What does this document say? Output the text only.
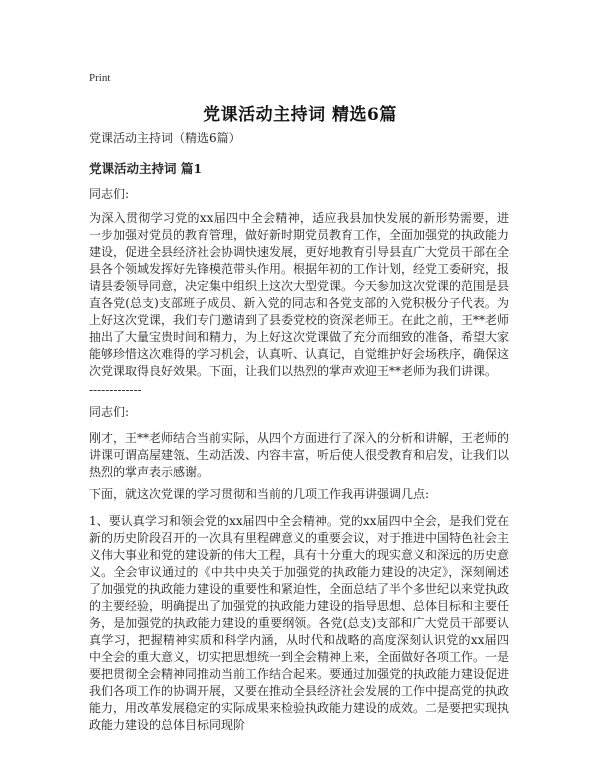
Print
党课活动主持词 精选6篇
党课活动主持词（精选6篇）
党课活动主持词 篇1
同志们:
为深入贯彻学习党的xx届四中全会精神，适应我县加快发展的新形势需要，进一步加强对党员的教育管理，做好新时期党员教育工作，全面加强党的执政能力建设，促进全县经济社会协调快速发展，更好地教育引导县直广大党员干部在全县各个领域发挥好先锋模范带头作用。根据年初的工作计划，经党工委研究，报请县委领导同意，决定集中组织上这次大型党课。今天参加这次党课的范围是县直各党(总支)支部班子成员、新入党的同志和各党支部的入党积极分子代表。为上好这次党课，我们专门邀请到了县委党校的资深老师王。在此之前，王**老师抽出了大量宝贵时间和精力，为上好这次党课做了充分而细致的准备，希望大家能够珍惜这次难得的学习机会，认真听、认真记，自觉维护好会场秩序，确保这次党课取得良好效果。下面，让我们以热烈的掌声欢迎王**老师为我们讲课。
-------------
同志们:
刚才，王**老师结合当前实际，从四个方面进行了深入的分析和讲解，王老师的讲课可谓高屋建瓴、生动活泼、内容丰富，听后使人很受教育和启发，让我们以热烈的掌声表示感谢。
下面，就这次党课的学习贯彻和当前的几项工作我再讲强调几点:
1、要认真学习和领会党的xx届四中全会精神。党的xx届四中全会，是我们党在新的历史阶段召开的一次具有里程碑意义的重要会议，对于推进中国特色社会主义伟大事业和党的建设新的伟大工程，具有十分重大的现实意义和深远的历史意义。全会审议通过的《中共中央关于加强党的执政能力建设的决定》，深刻阐述了加强党的执政能力建设的重要性和紧迫性，全面总结了半个多世纪以来党执政的主要经验，明确提出了加强党的执政能力建设的指导思想、总体目标和主要任务，是加强党的执政能力建设的重要纲领。各党(总支)支部和广大党员干部要认真学习，把握精神实质和科学内涵，从时代和战略的高度深刻认识党的xx届四中全会的重大意义，切实把思想统一到全会精神上来，全面做好各项工作。一是要把贯彻全会精神同推动当前工作结合起来。要通过加强党的执政能力建设促进我们各项工作的协调开展，又要在推动全县经济社会发展的工作中提高党的执政能力，用改革发展稳定的实际成果来检验执政能力建设的成效。二是要把实现执政能力建设的总体目标同现阶
